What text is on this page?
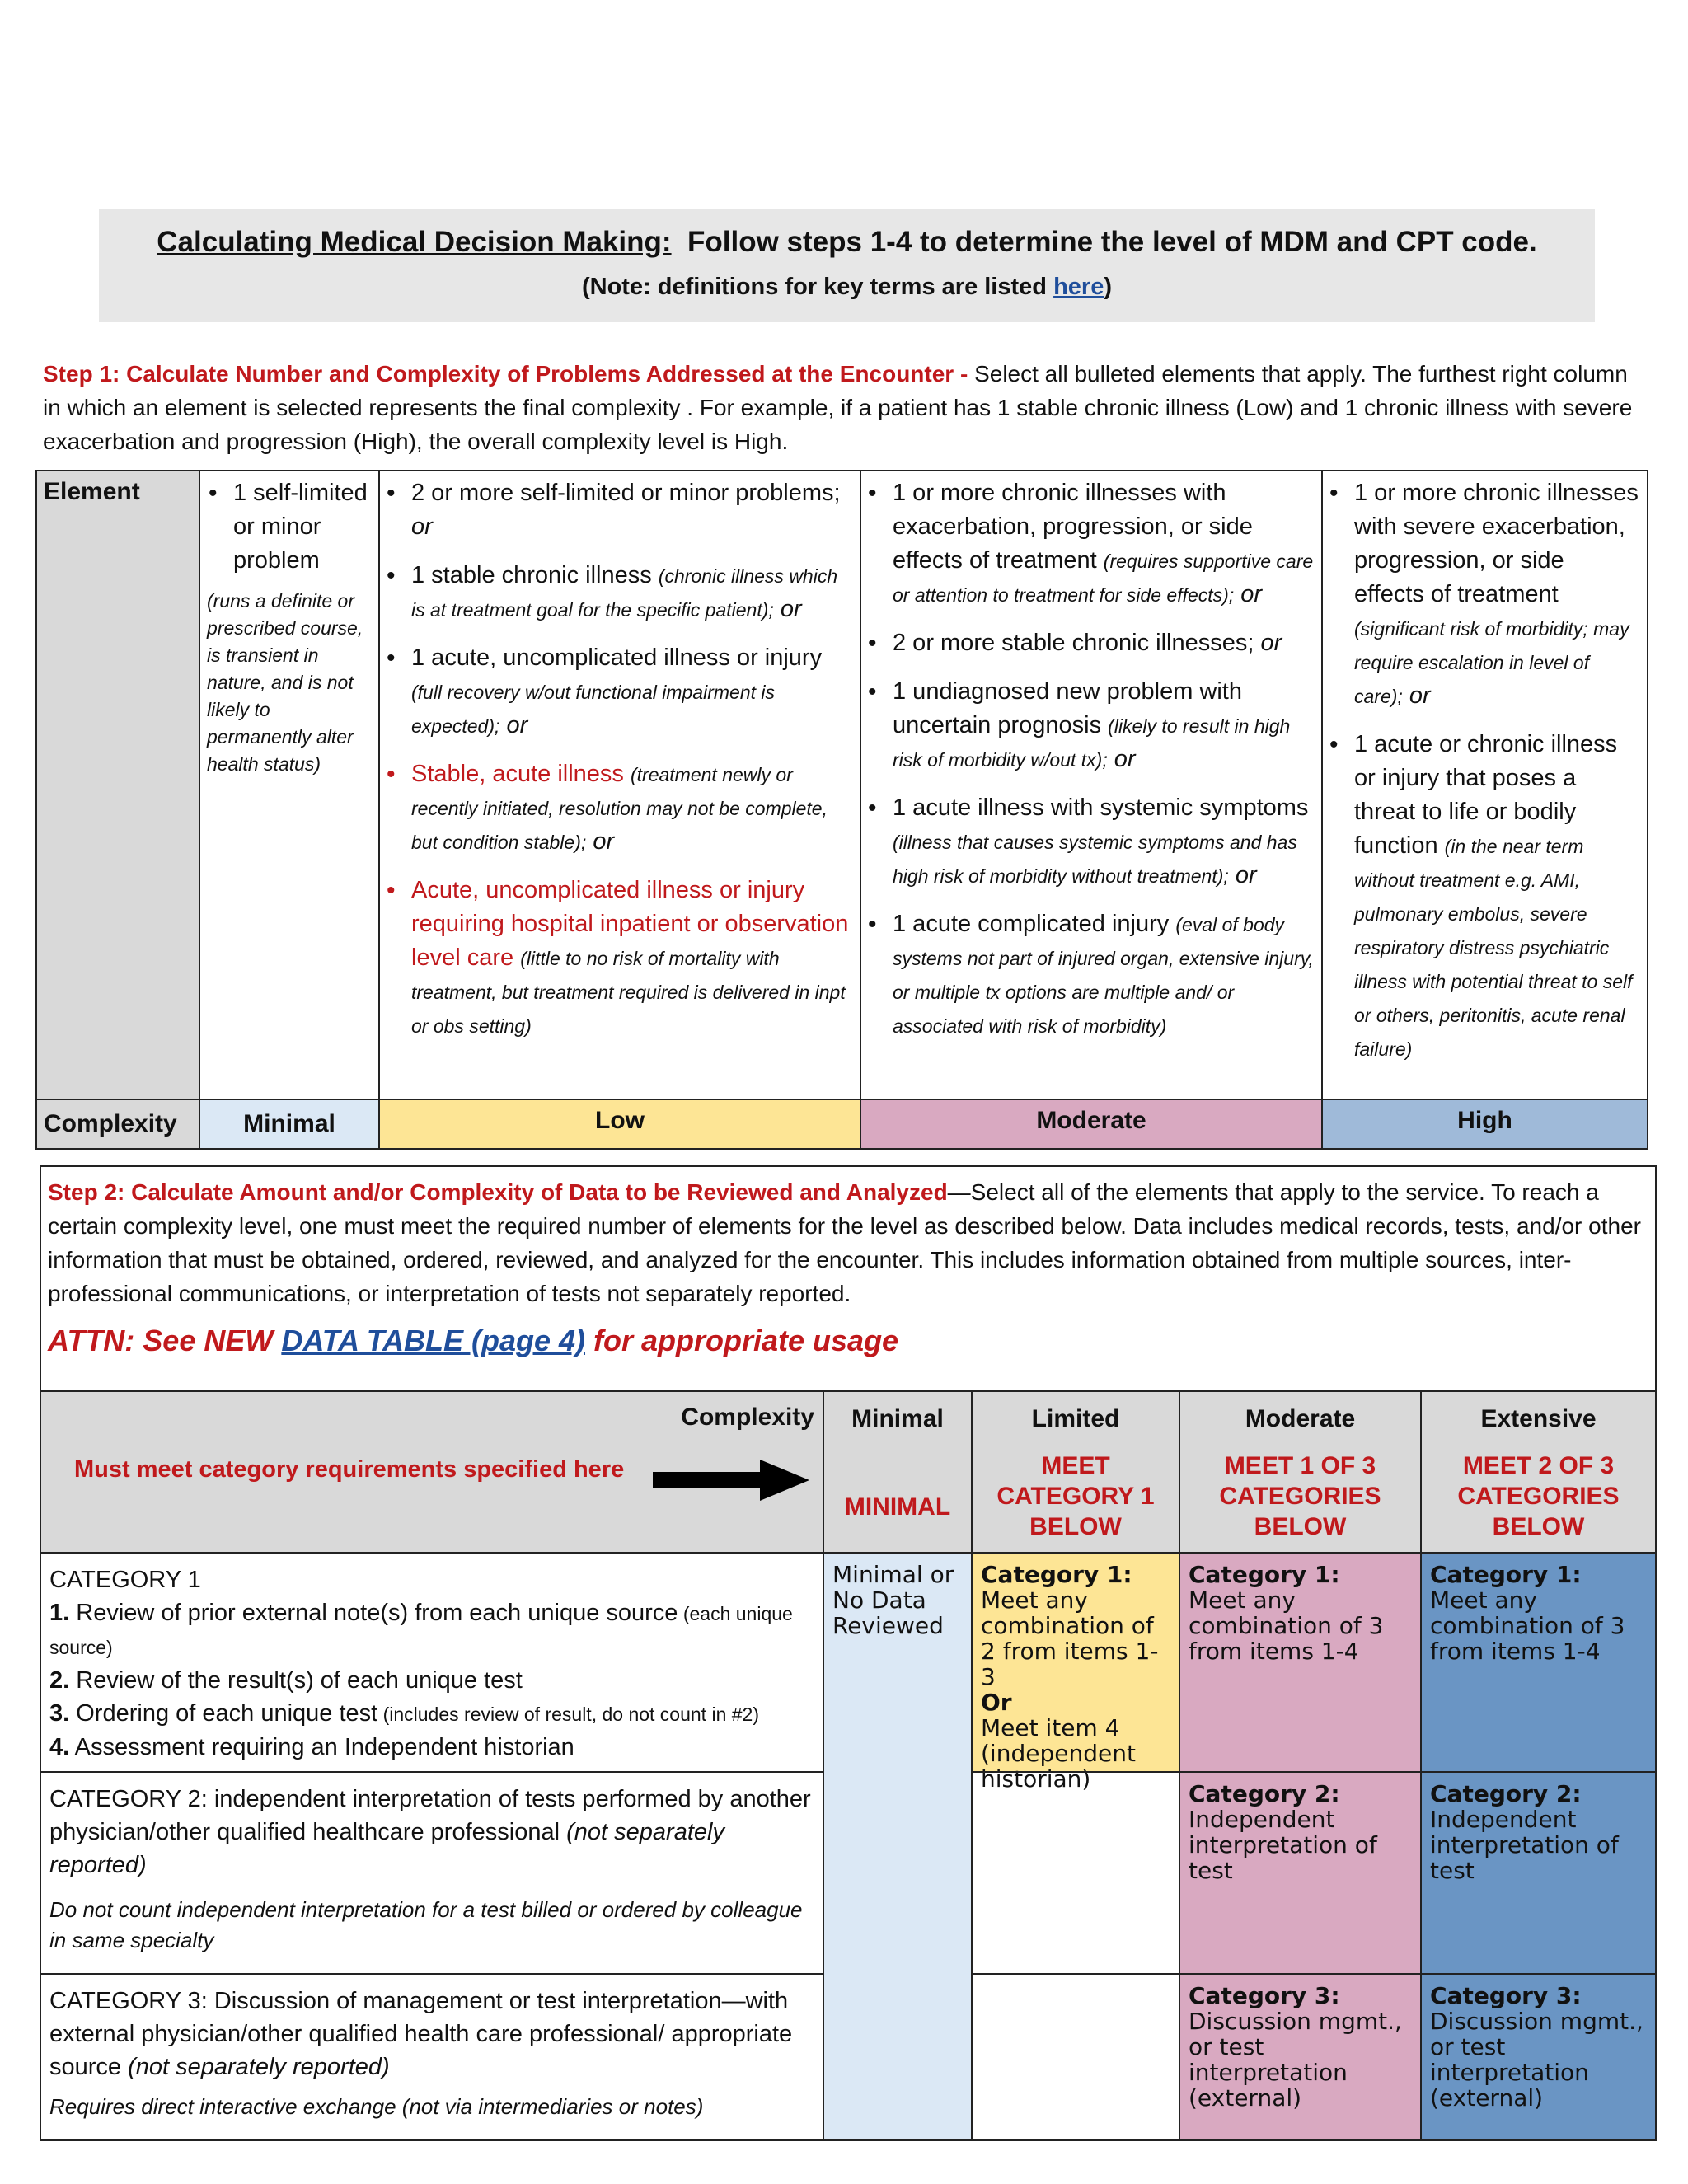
Calculating Medical Decision Making: Follow steps 1-4 to determine the level of MDM and CPT code.
(Note: definitions for key terms are listed here)
Step 1: Calculate Number and Complexity of Problems Addressed at the Encounter - Select all bulleted elements that apply. The furthest right column in which an element is selected represents the final complexity . For example, if a patient has 1 stable chronic illness (Low) and 1 chronic illness with severe exacerbation and progression (High), the overall complexity level is High.
Element
•	1 self-limited or minor problem
(runs a definite or prescribed course, is transient in nature, and is not likely to permanently alter health status)
• 2 or more self-limited or minor problems; or
• 1 stable chronic illness (chronic illness which is at treatment goal for the specific patient); or
• 1 acute, uncomplicated illness or injury (full recovery w/out functional impairment is expected); or
• Stable, acute illness (treatment newly or recently initiated, resolution may not be complete, but condition stable); or
• Acute, uncomplicated illness or injury requiring hospital inpatient or observation level care (little to no risk of mortality with treatment, but treatment required is delivered in inpt or obs setting)
• 1 or more chronic illnesses with exacerbation, progression, or side effects of treatment (requires supportive care or attention to treatment for side effects); or
• 2 or more stable chronic illnesses; or
• 1 undiagnosed new problem with uncertain prognosis (likely to result in high risk of morbidity w/out tx); or
• 1 acute illness with systemic symptoms (illness that causes systemic symptoms and has high risk of morbidity without treatment); or
• 1 acute complicated injury (eval of body systems not part of injured organ, extensive injury, or multiple tx options are multiple and/ or associated with risk of morbidity)
• 1 or more chronic illnesses with severe exacerbation, progression, or side effects of treatment (significant risk of morbidity; may require escalation in level of care); or
• 1 acute or chronic illness or injury that poses a threat to life or bodily function (in the near term without treatment e.g. AMI, pulmonary embolus, severe respiratory distress psychiatric illness with potential threat to self or others, peritonitis, acute renal failure)
Complexity	Minimal	Low	Moderate	High
Step 2: Calculate Amount and/or Complexity of Data to be Reviewed and Analyzed—Select all of the elements that apply to the service. To reach a certain complexity level, one must meet the required number of elements for the level as described below. Data includes medical records, tests, and/or other information that must be obtained, ordered, reviewed, and analyzed for the encounter. This includes information obtained from multiple sources, inter-professional communications, or interpretation of tests not separately reported.
ATTN: See NEW DATA TABLE (page 4) for appropriate usage
Complexity
Must meet category requirements specified here
Minimal
MINIMAL
Limited
MEET CATEGORY 1 BELOW
Moderate
MEET 1 OF 3 CATEGORIES BELOW
Extensive
MEET 2 OF 3 CATEGORIES BELOW
CATEGORY 1
1. Review of prior external note(s) from each unique source (each unique source)
2. Review of the result(s) of each unique test
3. Ordering of each unique test (includes review of result, do not count in #2)
4. Assessment requiring an Independent historian
Minimal or No Data Reviewed
Category 1:
Meet any combination of 2 from items 1-3
Or
Meet item 4 (independent historian)
Category 1:
Meet any combination of 3 from items 1-4
Category 1:
Meet any combination of 3 from items 1-4
CATEGORY 2: independent interpretation of tests performed by another physician/other qualified healthcare professional (not separately reported)
Do not count independent interpretation for a test billed or ordered by colleague in same specialty
Category 2:
Independent interpretation of test
Category 2:
Independent interpretation of test
CATEGORY 3: Discussion of management or test interpretation—with external physician/other qualified health care professional/ appropriate source (not separately reported)
Requires direct interactive exchange (not via intermediaries or notes)
Category 3:
Discussion mgmt., or test interpretation (external)
Category 3:
Discussion mgmt., or test interpretation (external)
